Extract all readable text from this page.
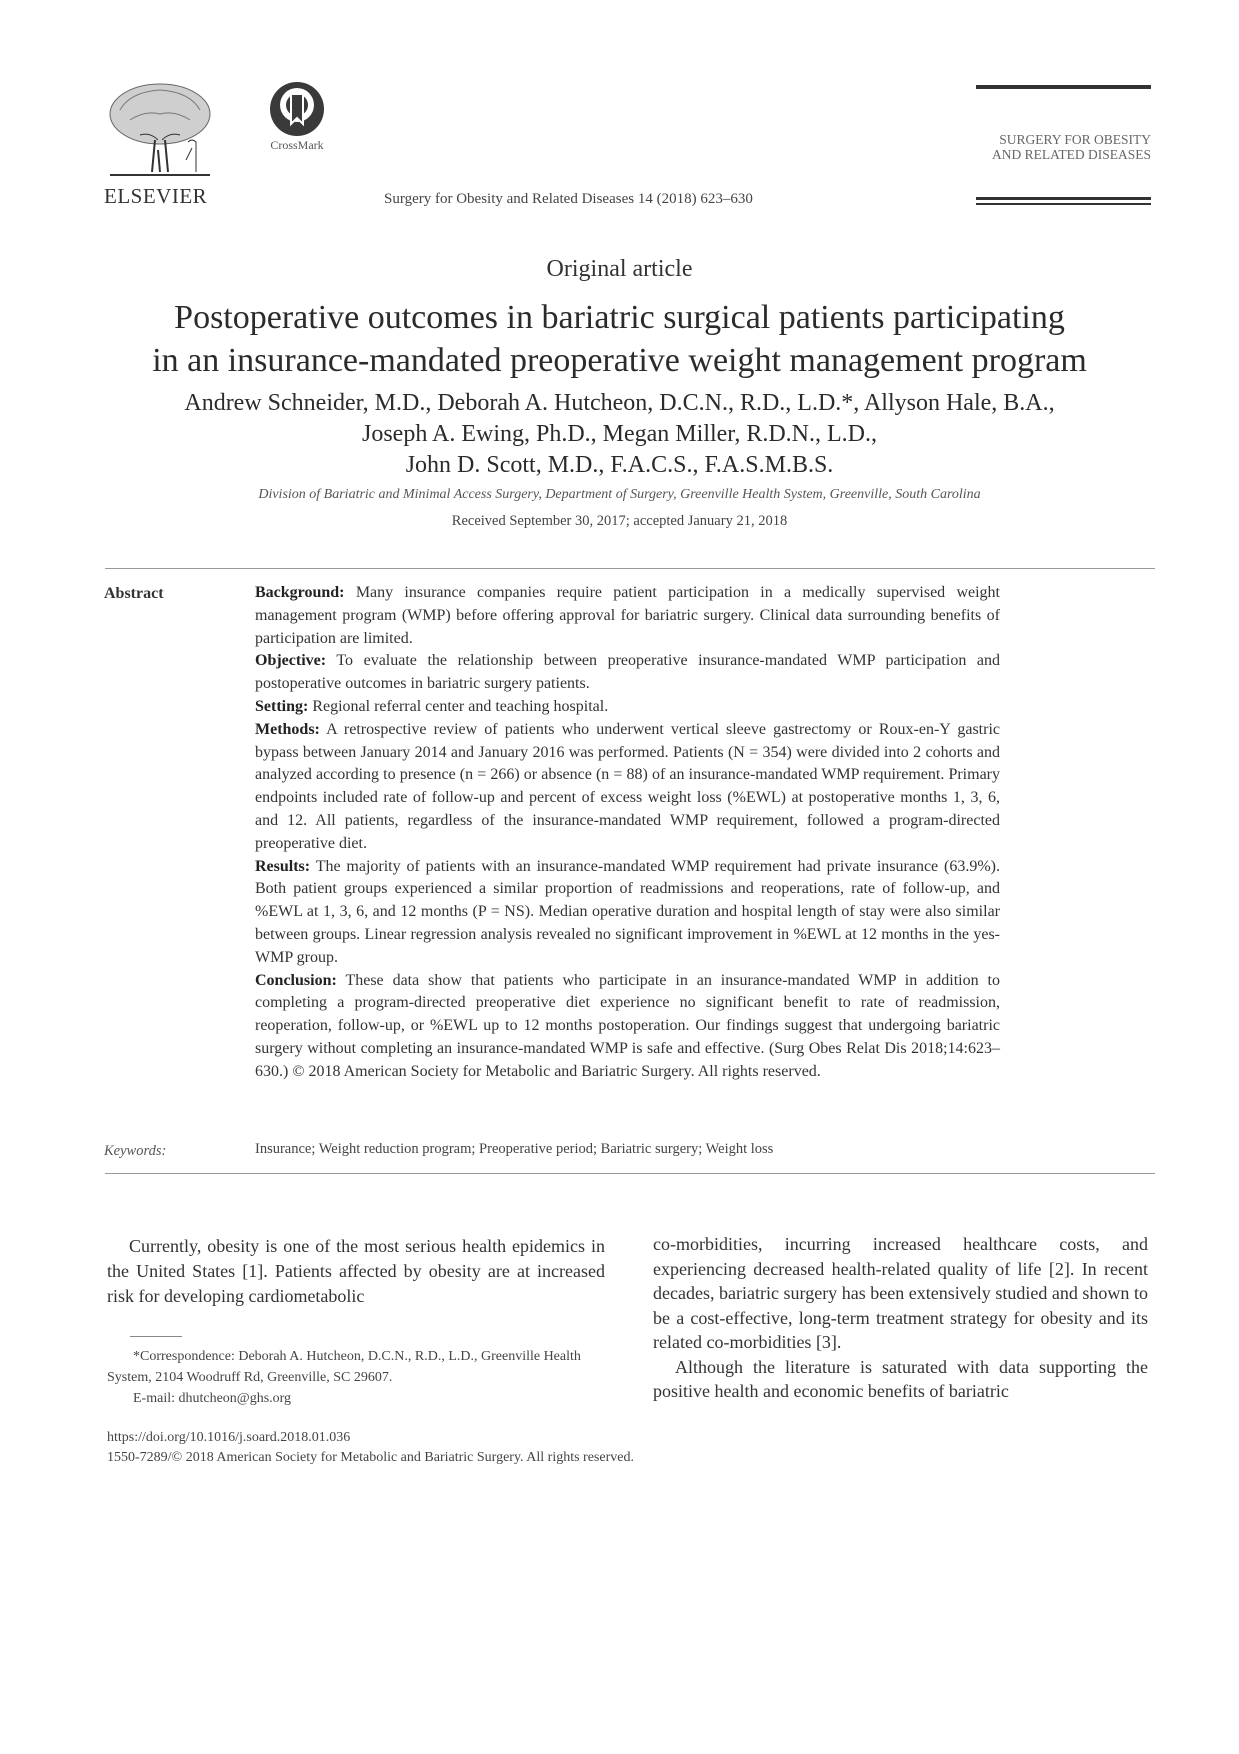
ELSEVIER
CrossMark
Surgery for Obesity and Related Diseases 14 (2018) 623–630
SURGERY FOR OBESITY
AND RELATED DISEASES
Original article
Postoperative outcomes in bariatric surgical patients participating
in an insurance-mandated preoperative weight management program
Andrew Schneider, M.D., Deborah A. Hutcheon, D.C.N., R.D., L.D.*, Allyson Hale, B.A.,
Joseph A. Ewing, Ph.D., Megan Miller, R.D.N., L.D.,
John D. Scott, M.D., F.A.C.S., F.A.S.M.B.S.
Division of Bariatric and Minimal Access Surgery, Department of Surgery, Greenville Health System, Greenville, South Carolina
Received September 30, 2017; accepted January 21, 2018
Abstract	Background: Many insurance companies require patient participation in a medically supervised weight management program (WMP) before offering approval for bariatric surgery. Clinical data surrounding benefits of participation are limited.

Objective: To evaluate the relationship between preoperative insurance-mandated WMP participation and postoperative outcomes in bariatric surgery patients.

Setting: Regional referral center and teaching hospital.

Methods: A retrospective review of patients who underwent vertical sleeve gastrectomy or Roux-en-Y gastric bypass between January 2014 and January 2016 was performed. Patients (N = 354) were divided into 2 cohorts and analyzed according to presence (n = 266) or absence (n = 88) of an insurance-mandated WMP requirement. Primary endpoints included rate of follow-up and percent of excess weight loss (%EWL) at postoperative months 1, 3, 6, and 12. All patients, regardless of the insurance-mandated WMP requirement, followed a program-directed preoperative diet.

Results: The majority of patients with an insurance-mandated WMP requirement had private insurance (63.9%). Both patient groups experienced a similar proportion of readmissions and reoperations, rate of follow-up, and %EWL at 1, 3, 6, and 12 months (P = NS). Median operative duration and hospital length of stay were also similar between groups. Linear regression analysis revealed no significant improvement in %EWL at 12 months in the yes-WMP group.

Conclusion: These data show that patients who participate in an insurance-mandated WMP in addition to completing a program-directed preoperative diet experience no significant benefit to rate of readmission, reoperation, follow-up, or %EWL up to 12 months postoperation. Our findings suggest that undergoing bariatric surgery without completing an insurance-mandated WMP is safe and effective. (Surg Obes Relat Dis 2018;14:623–630.) © 2018 American Society for Metabolic and Bariatric Surgery. All rights reserved.

Keywords:	Insurance; Weight reduction program; Preoperative period; Bariatric surgery; Weight loss

Currently, obesity is one of the most serious health epidemics in the United States [1]. Patients affected by obesity are at increased risk for developing cardiometabolic

*Correspondence: Deborah A. Hutcheon, D.C.N., R.D., L.D., Greenville Health System, 2104 Woodruff Rd, Greenville, SC 29607.

E-mail: dhutcheon@ghs.org

co-morbidities, incurring increased healthcare costs, and experiencing decreased health-related quality of life [2]. In recent decades, bariatric surgery has been extensively studied and shown to be a cost-effective, long-term treatment strategy for obesity and its related co-morbidities [3].

Although the literature is saturated with data supporting the positive health and economic benefits of bariatric

https://doi.org/10.1016/j.soard.2018.01.036
1550-7289/© 2018 American Society for Metabolic and Bariatric Surgery. All rights reserved.
